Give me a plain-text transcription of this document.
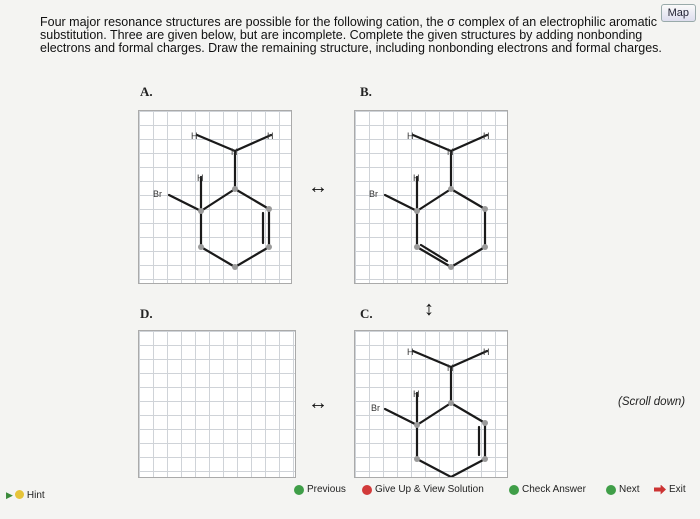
Map
Four major resonance structures are possible for the following cation, the σ complex of an electrophilic aromatic substitution. Three are given below, but are incomplete. Complete the given structures by adding nonbonding electrons and formal charges. Draw the remaining structure, including nonbonding electrons and formal charges.
A.
H	H
N
H
Br	↔
B.
H	H
N
H
Br
D.	C.	↕
↔
H	H
N
H
Br	(Scroll down)
▶ Hint
Previous	Give Up & View Solution	Check Answer	Next	Exit
